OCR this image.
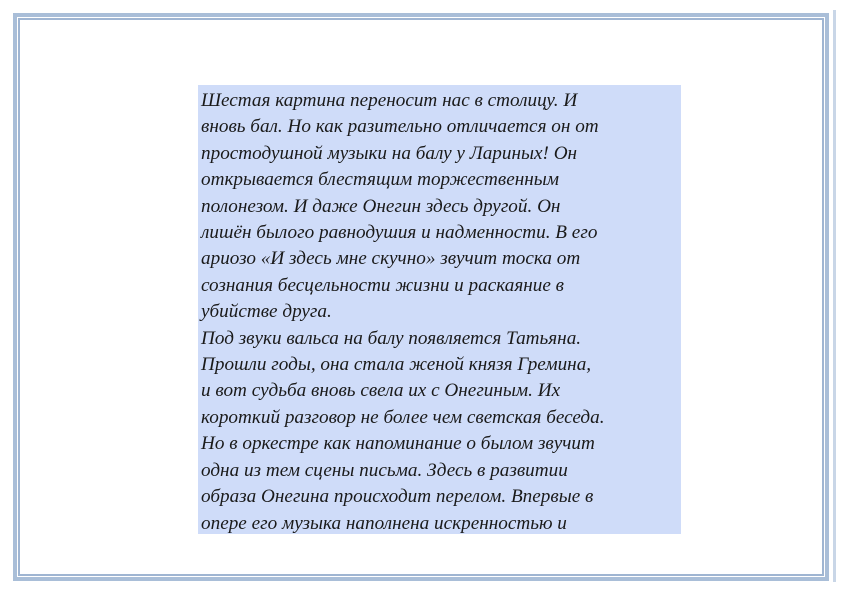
Шестая картина переносит нас в столицу. И
вновь бал. Но как разительно отличается он от
простодушной музыки на балу у Лариных! Он
открывается блестящим торжественным
полонезом. И даже Онегин здесь другой. Он
лишён былого равнодушия и надменности. В его
ариозо «И здесь мне скучно» звучит тоска от
сознания бесцельности жизни и раскаяние в
убийстве друга.

Под звуки вальса на балу появляется Татьяна.
Прошли годы, она стала женой князя Гремина,
и вот судьба вновь свела их с Онегиным. Их
короткий разговор не более чем светская беседа.
Но в оркестре как напоминание о былом звучит
одна из тем сцены письма. Здесь в развитии
образа Онегина происходит перелом. Впервые в
опере его музыка наполнена искренностью и
